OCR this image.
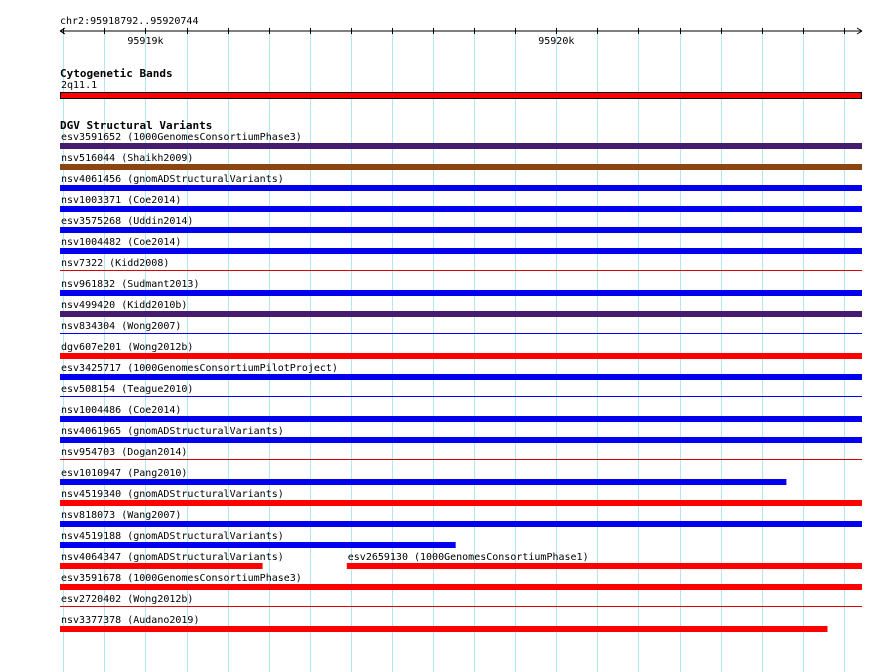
chr2:95918792..95920744
95919k	95920k
Cytogenetic Bands
2q11.1
DGV Structural Variants
esv3591652 (1000GenomesConsortiumPhase3)
nsv516044 (Shaikh2009)
nsv4061456 (gnomADStructuralVariants)
nsv1003371 (Coe2014)
esv3575268 (Uddin2014)
nsv1004482 (Coe2014)
nsv7322 (Kidd2008)
nsv961832 (Sudmant2013)
nsv499420 (Kidd2010b)
nsv834304 (Wong2007)
dgv607e201 (Wong2012b)
esv3425717 (1000GenomesConsortiumPilotProject)
esv508154 (Teague2010)
nsv1004486 (Coe2014)
nsv4061965 (gnomADStructuralVariants)
nsv954703 (Dogan2014)
esv1010947 (Pang2010)
nsv4519340 (gnomADStructuralVariants)
nsv818073 (Wang2007)
nsv4519188 (gnomADStructuralVariants)
nsv4064347 (gnomADStructuralVariants)	esv2659130 (1000GenomesConsortiumPhase1)
esv3591678 (1000GenomesConsortiumPhase3)
esv2720402 (Wong2012b)
nsv3377378 (Audano2019)
